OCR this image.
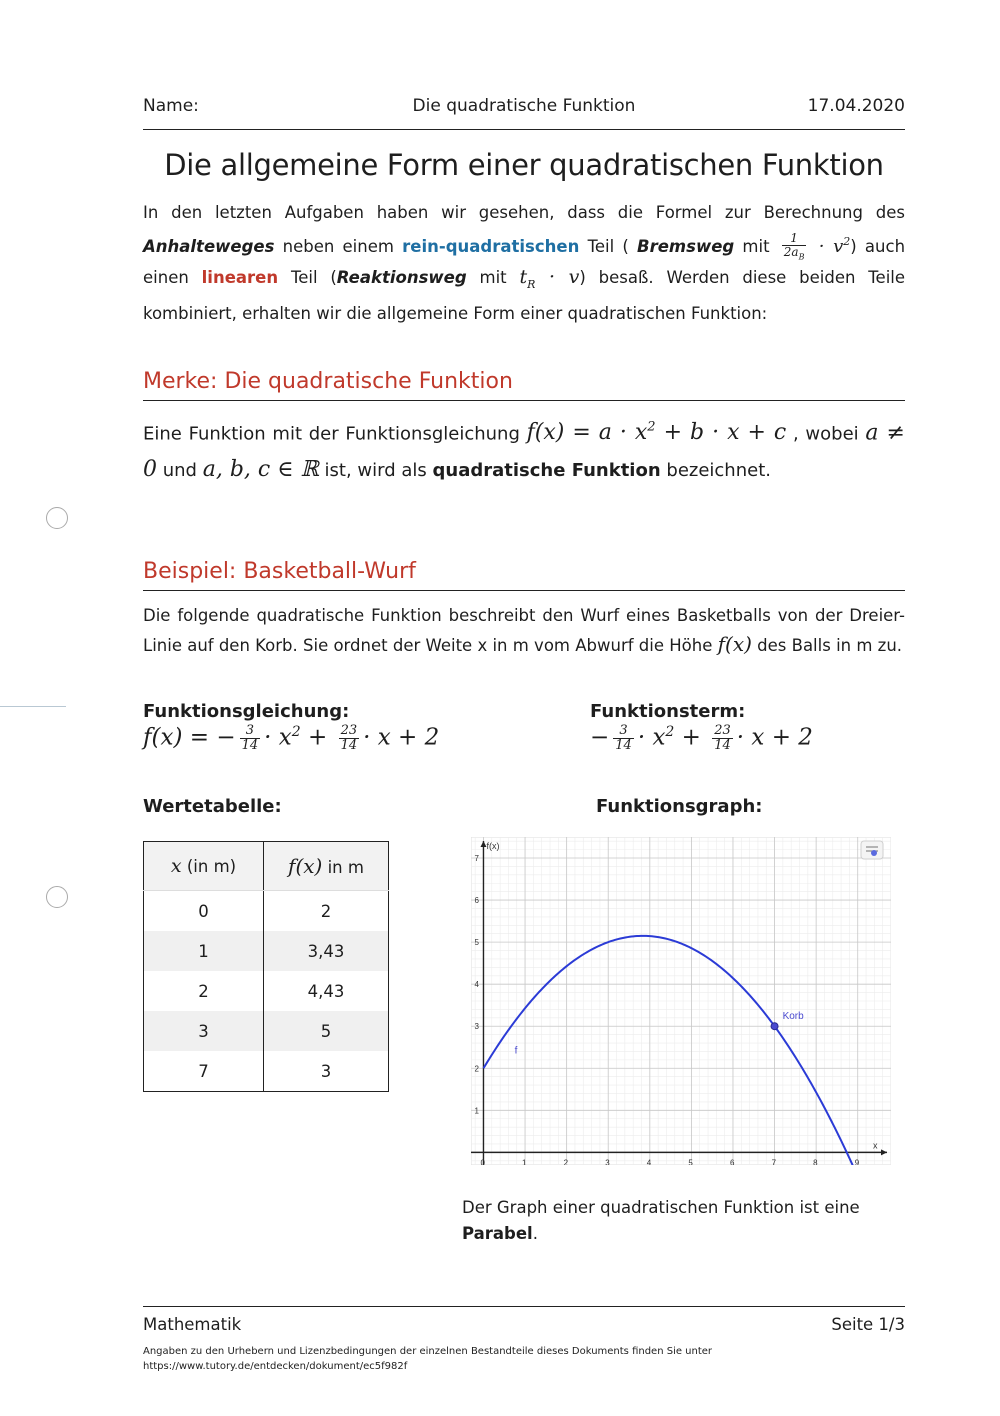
Name:	Die quadratische Funktion	17.04.2020
Die allgemeine Form einer quadratischen Funktion
In den letzten Aufgaben haben wir gesehen, dass die Formel zur Berechnung des Anhalteweges neben einem rein-quadratischen Teil ( Bremsweg mit $\frac{1}{2a_B} \cdot v^2$) auch einen linearen Teil (Reaktionsweg mit $t_R \cdot v$) besaß. Werden diese beiden Teile kombiniert, erhalten wir die allgemeine Form einer quadratischen Funktion:
Merke: Die quadratische Funktion
Eine Funktion mit der Funktionsgleichung $f(x) = a \cdot x^2 + b \cdot x + c$ , wobei a ≠ 0 und a, b, c ∈ ℝ ist, wird als quadratische Funktion bezeichnet.
Beispiel: Basketball-Wurf
Die folgende quadratische Funktion beschreibt den Wurf eines Basketballs von der Dreier-Linie auf den Korb. Sie ordnet der Weite x in m vom Abwurf die Höhe f(x) des Balls in m zu.
Funktionsgleichung:
f(x) = − $\frac{3}{14} \cdot x^2 + \frac{23}{14} \cdot x + 2$
Funktionsterm:
− $\frac{3}{14} \cdot x^2 + \frac{23}{14} \cdot x + 2$
Wertetabelle:
x (in m)	f(x) in m
0	2
1	3,43
2	4,43
3	5
7	3
Funktionsgraph:
0	1	2	3	4	5	6	7	8	9
1
2
3
4
5
6
7
Korb
f
f(x)
x
Der Graph einer quadratischen Funktion ist eine Parabel.
Mathematik	Seite 1/3
Angaben zu den Urhebern und Lizenzbedingungen der einzelnen Bestandteile dieses Dokuments finden Sie unter
https://www.tutory.de/entdecken/dokument/ec5f982f
